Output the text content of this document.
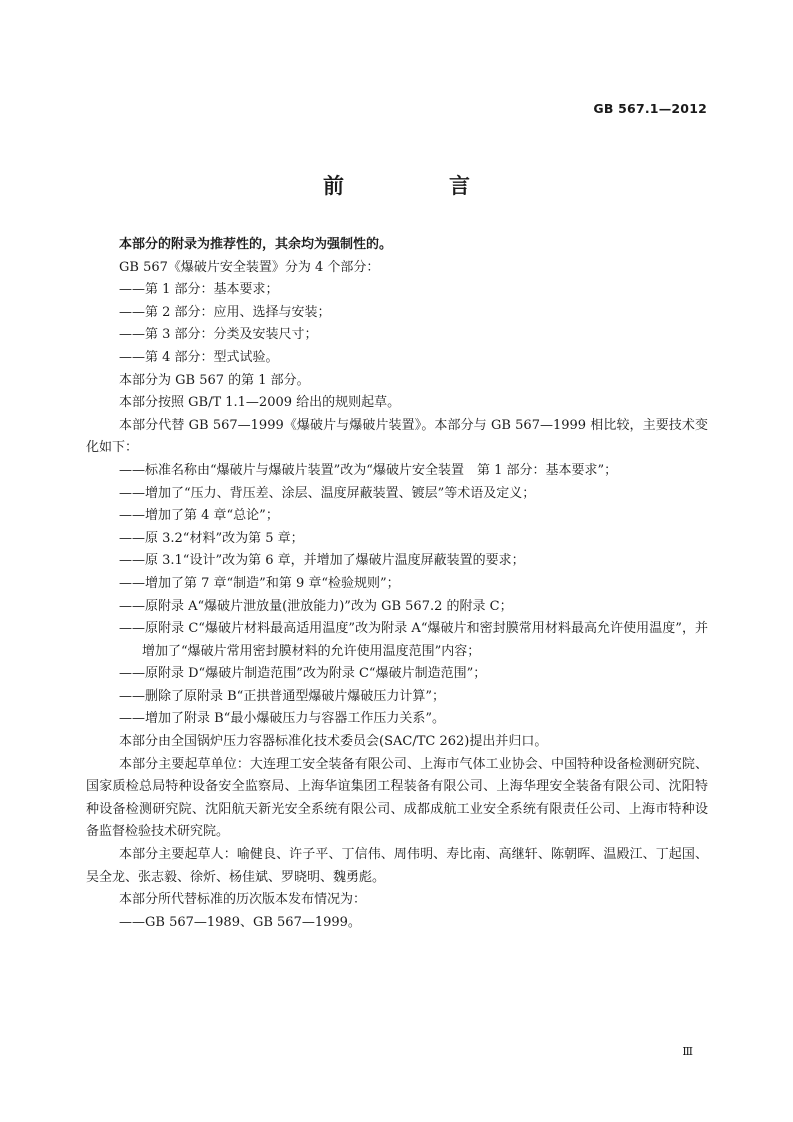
GB 567.1—2012
前　言

本部分的附录为推荐性的，其余均为强制性的。

GB 567《爆破片安全装置》分为 4 个部分：

——第 1 部分：基本要求；

——第 2 部分：应用、选择与安装；

——第 3 部分：分类及安装尺寸；

——第 4 部分：型式试验。

本部分为 GB 567 的第 1 部分。

本部分按照 GB/T 1.1—2009 给出的规则起草。

本部分代替 GB 567—1999《爆破片与爆破片装置》。本部分与 GB 567—1999 相比较，主要技术变化如下：

——标准名称由“爆破片与爆破片装置”改为“爆破片安全装置　第 1 部分：基本要求”；

——增加了“压力、背压差、涂层、温度屏蔽装置、镀层”等术语及定义；

——增加了第 4 章“总论”；

——原 3.2“材料”改为第 5 章；

——原 3.1“设计”改为第 6 章，并增加了爆破片温度屏蔽装置的要求；

——增加了第 7 章“制造”和第 9 章“检验规则”；

——原附录 A“爆破片泄放量(泄放能力)”改为 GB 567.2 的附录 C；

——原附录 C“爆破片材料最高适用温度”改为附录 A“爆破片和密封膜常用材料最高允许使用温度”，并增加了“爆破片常用密封膜材料的允许使用温度范围”内容；

——原附录 D“爆破片制造范围”改为附录 C“爆破片制造范围”；

——删除了原附录 B“正拱普通型爆破片爆破压力计算”；

——增加了附录 B“最小爆破压力与容器工作压力关系”。

本部分由全国锅炉压力容器标准化技术委员会(SAC/TC 262)提出并归口。

本部分主要起草单位：大连理工安全装备有限公司、上海市气体工业协会、中国特种设备检测研究院、国家质检总局特种设备安全监察局、上海华谊集团工程装备有限公司、上海华理安全装备有限公司、沈阳特种设备检测研究院、沈阳航天新光安全系统有限公司、成都成航工业安全系统有限责任公司、上海市特种设备监督检验技术研究院。

本部分主要起草人：喻健良、许子平、丁信伟、周伟明、寿比南、高继轩、陈朝晖、温殿江、丁起国、吴全龙、张志毅、徐炘、杨佳斌、罗晓明、魏勇彪。

本部分所代替标准的历次版本发布情况为：

——GB 567—1989、GB 567—1999。

Ⅲ
